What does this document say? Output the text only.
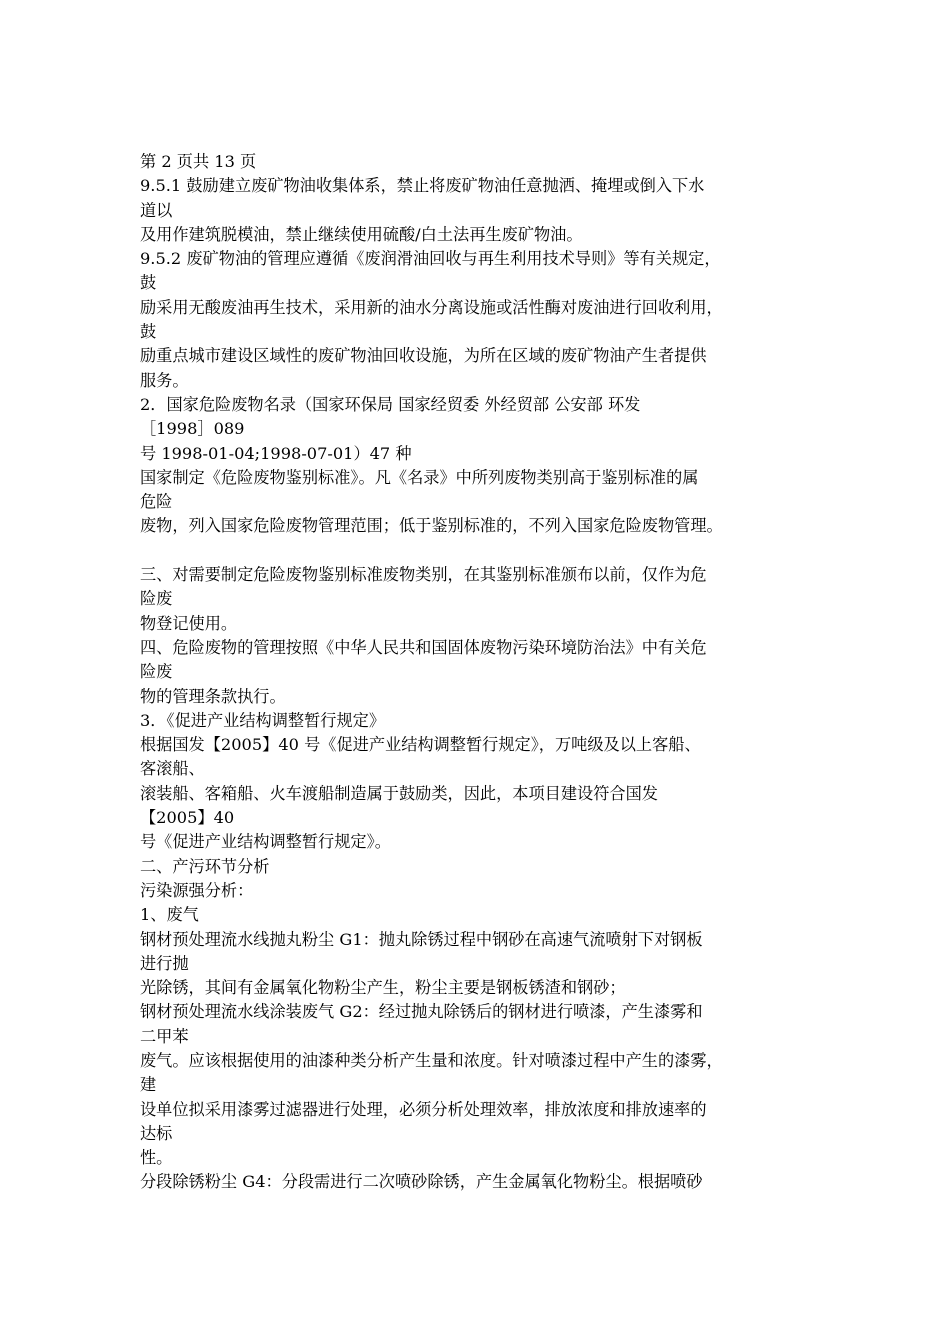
第 2 页共 13 页
9.5.1 鼓励建立废矿物油收集体系，禁止将废矿物油任意抛洒、掩埋或倒入下水
道以
及用作建筑脱模油，禁止继续使用硫酸/白土法再生废矿物油。
9.5.2 废矿物油的管理应遵循《废润滑油回收与再生利用技术导则》等有关规定，
鼓
励采用无酸废油再生技术，采用新的油水分离设施或活性酶对废油进行回收利用，
鼓
励重点城市建设区域性的废矿物油回收设施，为所在区域的废矿物油产生者提供
服务。
2．国家危险废物名录（国家环保局 国家经贸委 外经贸部 公安部 环发
［1998］089
号 1998-01-04;1998-07-01）47 种
国家制定《危险废物鉴别标准》。凡《名录》中所列废物类别高于鉴别标准的属
危险
废物，列入国家危险废物管理范围；低于鉴别标准的，不列入国家危险废物管理。
三、对需要制定危险废物鉴别标准废物类别，在其鉴别标准颁布以前，仅作为危
险废
物登记使用。
四、危险废物的管理按照《中华人民共和国固体废物污染环境防治法》中有关危
险废
物的管理条款执行。
3．《促进产业结构调整暂行规定》
根据国发【2005】40 号《促进产业结构调整暂行规定》，万吨级及以上客船、
客滚船、
滚装船、客箱船、火车渡船制造属于鼓励类，因此，本项目建设符合国发
【2005】40
号《促进产业结构调整暂行规定》。
二、产污环节分析
污染源强分析：
1、废气
钢材预处理流水线抛丸粉尘 G1：抛丸除锈过程中钢砂在高速气流喷射下对钢板
进行抛
光除锈，其间有金属氧化物粉尘产生，粉尘主要是钢板锈渣和钢砂；
钢材预处理流水线涂装废气 G2：经过抛丸除锈后的钢材进行喷漆，产生漆雾和
二甲苯
废气。应该根据使用的油漆种类分析产生量和浓度。针对喷漆过程中产生的漆雾，
建
设单位拟采用漆雾过滤器进行处理，必须分析处理效率，排放浓度和排放速率的
达标
性。
分段除锈粉尘 G4：分段需进行二次喷砂除锈，产生金属氧化物粉尘。根据喷砂
